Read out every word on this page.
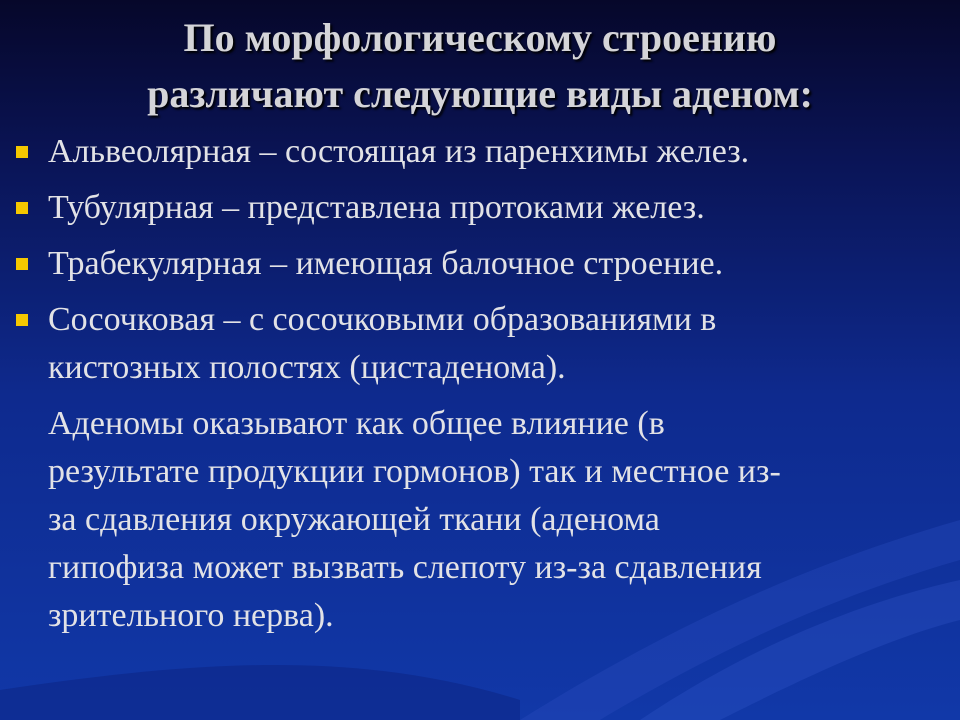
По морфологическому строению
различают следующие виды аденом:
Альвеолярная – состоящая из паренхимы желез.
Тубулярная – представлена протоками желез.
Трабекулярная – имеющая балочное строение.
Сосочковая – с сосочковыми образованиями в
кистозных полостях (цистаденома).
Аденомы оказывают как общее влияние (в
результате продукции гормонов) так и местное из-
за сдавления окружающей ткани (аденома
гипофиза может вызвать слепоту из-за сдавления
зрительного нерва).
